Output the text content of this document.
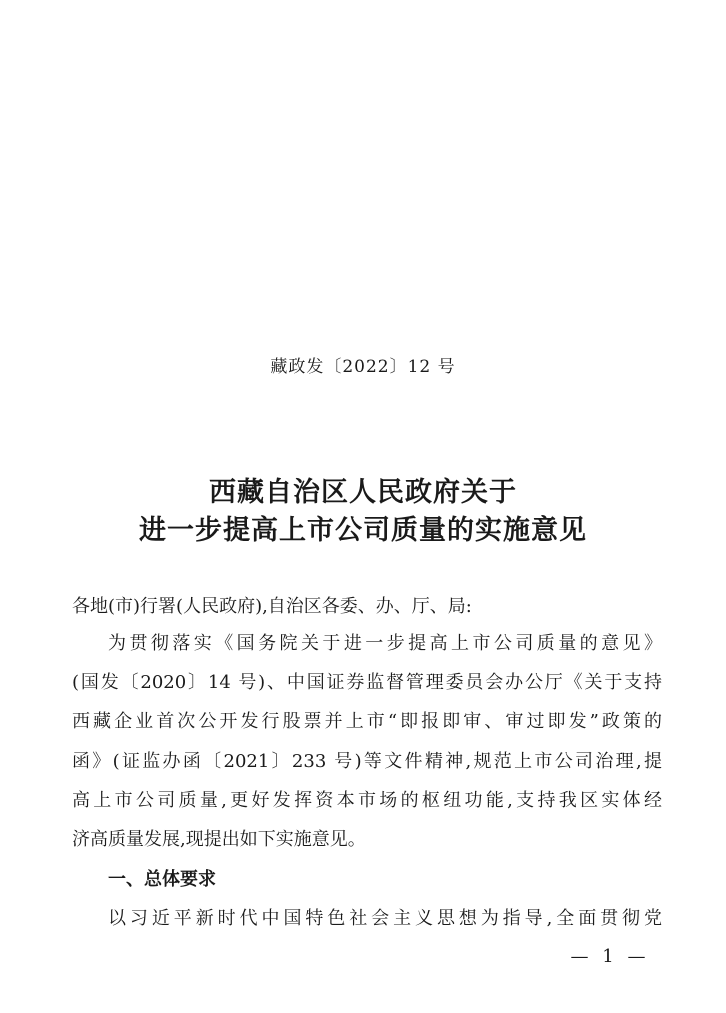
藏政发〔2022〕12 号
西藏自治区人民政府关于
进一步提高上市公司质量的实施意见
各地(市)行署(人民政府),自治区各委、办、厅、局:
为贯彻落实《国务院关于进一步提高上市公司质量的意见》
(国发〔2020〕14 号)、中国证券监督管理委员会办公厅《关于支持
西藏企业首次公开发行股票并上市“即报即审、审过即发”政策的
函》(证监办函〔2021〕233 号)等文件精神,规范上市公司治理,提
高上市公司质量,更好发挥资本市场的枢纽功能,支持我区实体经
济高质量发展,现提出如下实施意见。
一、总体要求
以习近平新时代中国特色社会主义思想为指导,全面贯彻党
— 1 —
